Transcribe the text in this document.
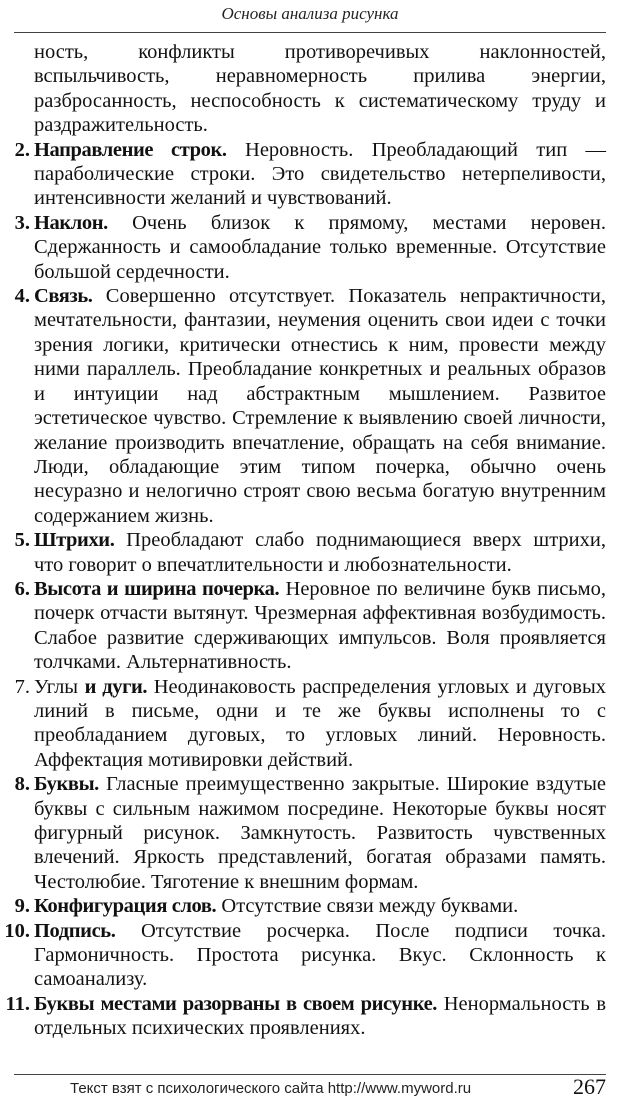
Основы анализа рисунка

ность, конфликты противоречивых наклонностей, вспыльчивость, неравномерность прилива энергии, разбросанность, неспособность к систематическому труду и раздражительность.

2. Направление строк. Неровность. Преобладающий тип — параболические строки. Это свидетельство нетерпеливости, интенсивности желаний и чувствований.
3. Наклон. Очень близок к прямому, местами неровен. Сдержанность и самообладание только временные. Отсутствие большой сердечности.
4. Связь. Совершенно отсутствует. Показатель непрактичности, мечтательности, фантазии, неумения оценить свои идеи с точки зрения логики, критически отнестись к ним, провести между ними параллель. Преобладание конкретных и реальных образов и интуиции над абстрактным мышлением. Развитое эстетическое чувство. Стремление к выявлению своей личности, желание производить впечатление, обращать на себя внимание. Люди, обладающие этим типом почерка, обычно очень несуразно и нелогично строят свою весьма богатую внутренним содержанием жизнь.
5. Штрихи. Преобладают слабо поднимающиеся вверх штрихи, что говорит о впечатлительности и любознательности.
6. Высота и ширина почерка. Неровное по величине букв письмо, почерк отчасти вытянут. Чрезмерная аффективная возбудимость. Слабое развитие сдерживающих импульсов. Воля проявляется толчками. Альтернативность.
7. Углы и дуги. Неодинаковость распределения угловых и дуговых линий в письме, одни и те же буквы исполнены то с преобладанием дуговых, то угловых линий. Неровность. Аффектация мотивировки действий.
8. Буквы. Гласные преимущественно закрытые. Широкие вздутые буквы с сильным нажимом посредине. Некоторые буквы носят фигурный рисунок. Замкнутость. Развитость чувственных влечений. Яркость представлений, богатая образами память. Честолюбие. Тяготение к внешним формам.
9. Конфигурация слов. Отсутствие связи между буквами.
10. Подпись. Отсутствие росчерка. После подписи точка. Гармоничность. Простота рисунка. Вкус. Склонность к самоанализу.
11. Буквы местами разорваны в своем рисунке. Ненормальность в отдельных психических проявлениях.
Текст взят с психологического сайта http://www.myword.ru	267
